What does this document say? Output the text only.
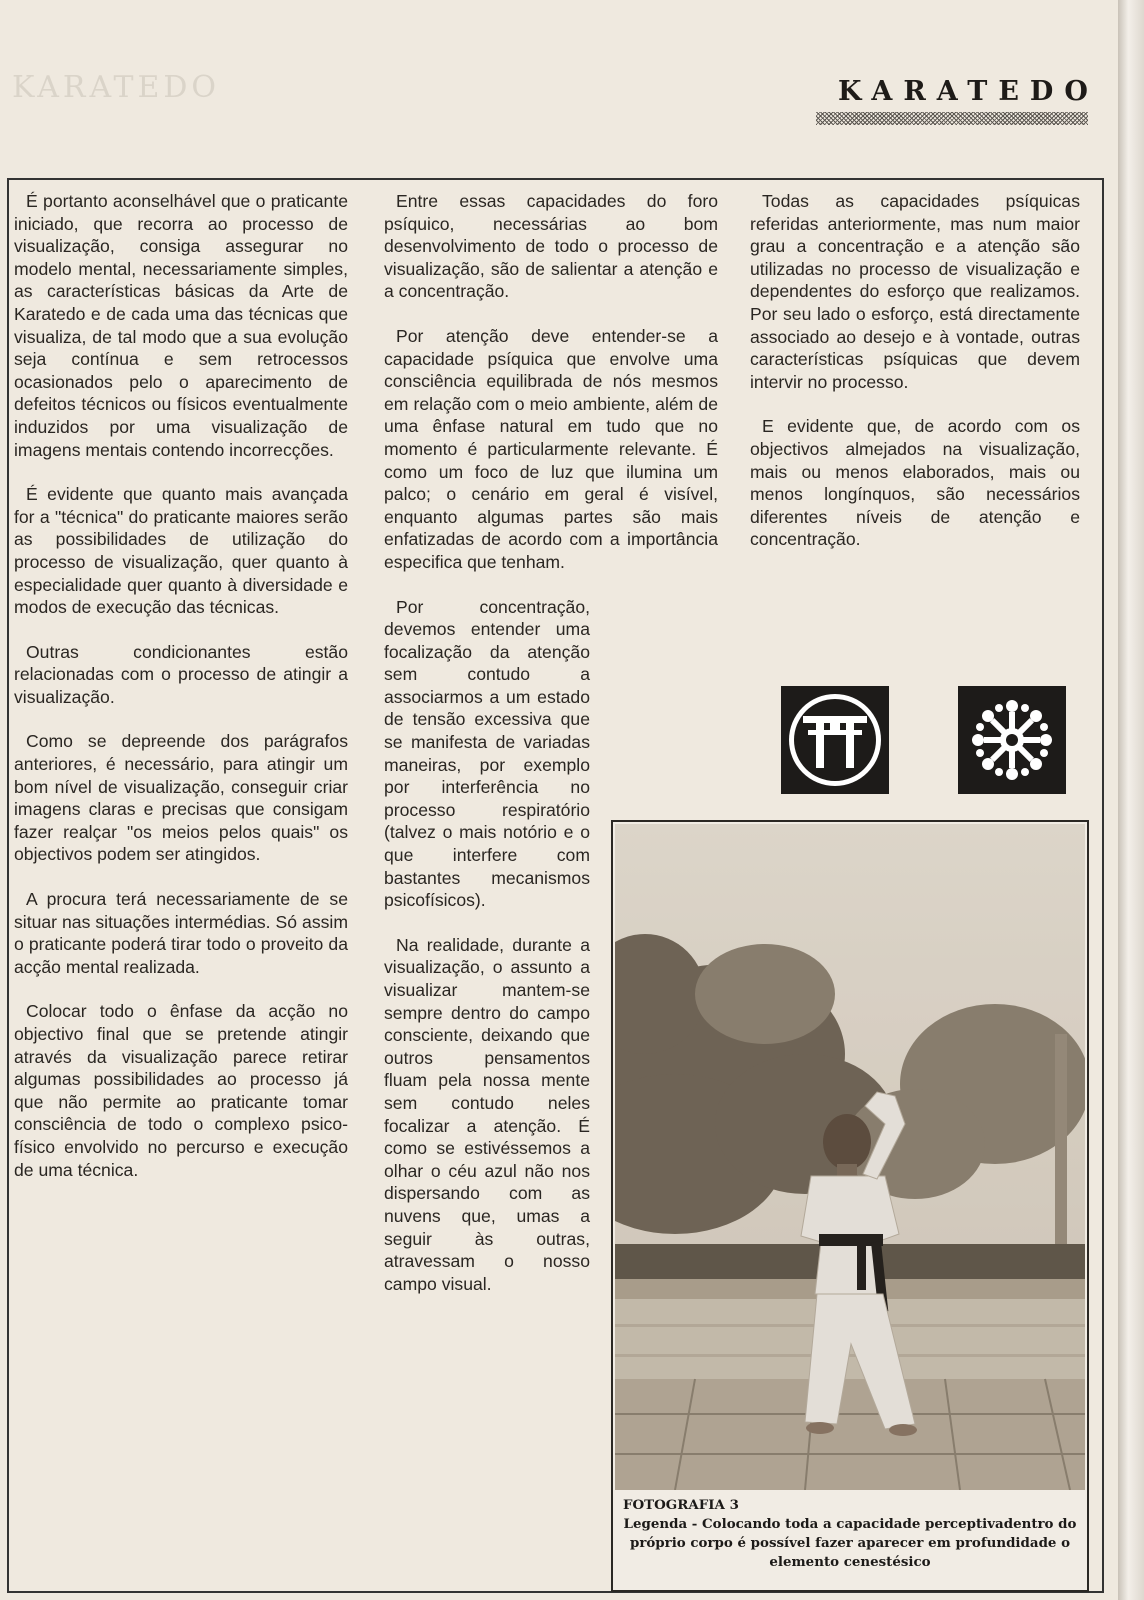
KARATEDO	KARATEDO

É portanto aconselhável que o praticante iniciado, que recorra ao processo de visualização, consiga assegurar no modelo mental, necessariamente simples, as características básicas da Arte de Karatedo e de cada uma das técnicas que visualiza, de tal modo que a sua evolução seja contínua e sem retrocessos ocasionados pelo o aparecimento de defeitos técnicos ou físicos eventualmente induzidos por uma visualização de imagens mentais contendo incorrecções.

É evidente que quanto mais avançada for a "técnica" do praticante maiores serão as possibilidades de utilização do processo de visualização, quer quanto à especialidade quer quanto à diversidade e modos de execução das técnicas.

Outras condicionantes estão relacionadas com o processo de atingir a visualização.

Como se depreende dos parágrafos anteriores, é necessário, para atingir um bom nível de visualização, conseguir criar imagens claras e precisas que consigam fazer realçar "os meios pelos quais" os objectivos podem ser atingidos.

A procura terá necessariamente de se situar nas situações intermédias. Só assim o praticante poderá tirar todo o proveito da acção mental realizada.

Colocar todo o ênfase da acção no objectivo final que se pretende atingir através da visualização parece retirar algumas possibilidades ao processo já que não permite ao praticante tomar consciência de todo o complexo psico-físico envolvido no percurso e execução de uma técnica.

Entre essas capacidades do foro psíquico, necessárias ao bom desenvolvimento de todo o processo de visualização, são de salientar a atenção e a concentração.

Por atenção deve entender-se a capacidade psíquica que envolve uma consciência equilibrada de nós mesmos em relação com o meio ambiente, além de uma ênfase natural em tudo que no momento é particularmente relevante. É como um foco de luz que ilumina um palco; o cenário em geral é visível, enquanto algumas partes são mais enfatizadas de acordo com a importância especifica que tenham.

Por concentração, devemos entender uma focalização da atenção sem contudo a associarmos a um estado de tensão excessiva que se manifesta de variadas maneiras, por exemplo por interferência no processo respiratório (talvez o mais notório e o que interfere com bastantes mecanismos psicofísicos).

Na realidade, durante a visualização, o assunto a visualizar mantem-se sempre dentro do campo consciente, deixando que outros pensamentos fluam pela nossa mente sem contudo neles focalizar a atenção. É como se estivéssemos a olhar o céu azul não nos dispersando com as nuvens que, umas a seguir às outras, atravessam o nosso campo visual.

Todas as capacidades psíquicas referidas anteriormente, mas num maior grau a concentração e a atenção são utilizadas no processo de visualização e dependentes do esforço que realizamos. Por seu lado o esforço, está directamente associado ao desejo e à vontade, outras características psíquicas que devem intervir no processo.

E evidente que, de acordo com os objectivos almejados na visualização, mais ou menos elaborados, mais ou menos longínquos, são necessários diferentes níveis de atenção e concentração.

FOTOGRAFIA 3
Legenda - Colocando toda a capacidade perceptivadentro do próprio corpo é possível fazer aparecer em profundidade o elemento cenestésico
